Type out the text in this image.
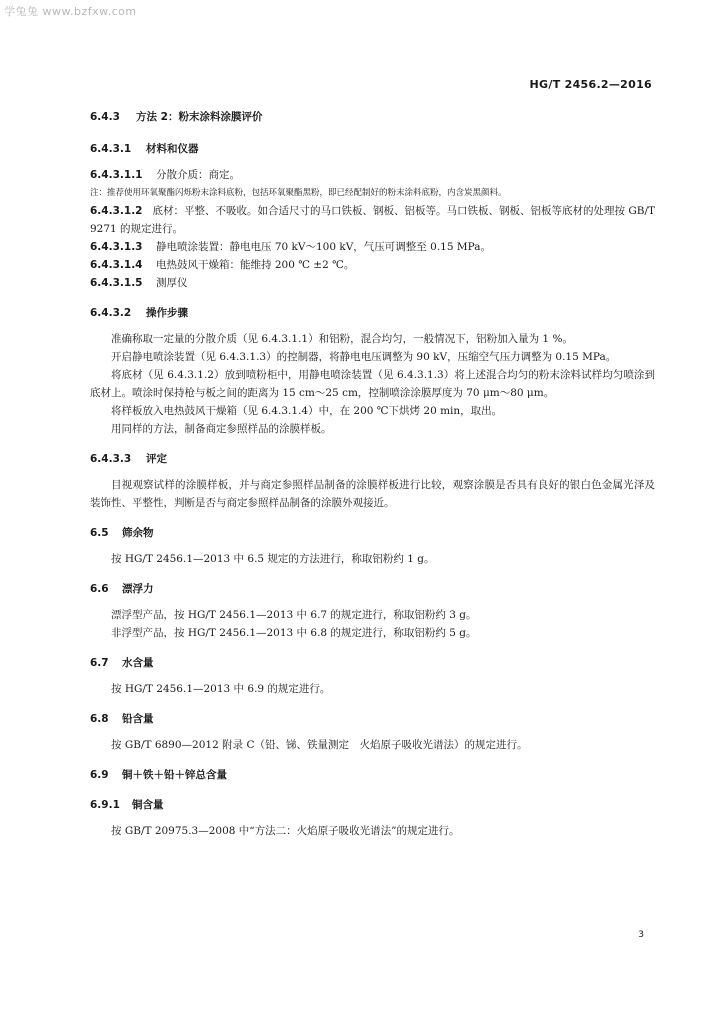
学兔兔 www.bzfxw.com
HG/T 2456.2—2016
6.4.3 方法 2：粉末涂料涂膜评价
6.4.3.1 材料和仪器
6.4.3.1.1 分散介质：商定。
注：推荐使用环氧聚酯闪烁粉末涂料底粉，包括环氧聚酯黑粉，即已经配制好的粉末涂料底粉，内含炭黑颜料。
6.4.3.1.2 底材：平整、不吸收。如合适尺寸的马口铁板、钢板、铝板等。马口铁板、钢板、铝板等底材的处理按 GB/T 9271 的规定进行。
6.4.3.1.3 静电喷涂装置：静电电压 70 kV～100 kV，气压可调整至 0.15 MPa。
6.4.3.1.4 电热鼓风干燥箱：能维持 200 ℃ ±2 ℃。
6.4.3.1.5 测厚仪
6.4.3.2 操作步骤
准确称取一定量的分散介质（见 6.4.3.1.1）和铝粉，混合均匀，一般情况下，铝粉加入量为 1 %。
开启静电喷涂装置（见 6.4.3.1.3）的控制器，将静电电压调整为 90 kV，压缩空气压力调整为 0.15 MPa。
将底材（见 6.4.3.1.2）放到喷粉柜中，用静电喷涂装置（见 6.4.3.1.3）将上述混合均匀的粉末涂料试样均匀喷涂到底材上。喷涂时保持枪与板之间的距离为 15 cm～25 cm，控制喷涂涂膜厚度为 70 μm～80 μm。
将样板放入电热鼓风干燥箱（见 6.4.3.1.4）中，在 200 ℃下烘烤 20 min，取出。
用同样的方法，制备商定参照样品的涂膜样板。
6.4.3.3 评定
目视观察试样的涂膜样板，并与商定参照样品制备的涂膜样板进行比较，观察涂膜是否具有良好的银白色金属光泽及装饰性、平整性，判断是否与商定参照样品制备的涂膜外观接近。
6.5 筛余物
按 HG/T 2456.1—2013 中 6.5 规定的方法进行，称取铝粉约 1 g。
6.6 漂浮力
漂浮型产品，按 HG/T 2456.1—2013 中 6.7 的规定进行，称取铝粉约 3 g。
非浮型产品，按 HG/T 2456.1—2013 中 6.8 的规定进行，称取铝粉约 5 g。
6.7 水含量
按 HG/T 2456.1—2013 中 6.9 的规定进行。
6.8 铅含量
按 GB/T 6890—2012 附录 C（铅、锑、铁量测定　火焰原子吸收光谱法）的规定进行。
6.9 铜＋铁＋铅＋锌总含量
6.9.1 铜含量
按 GB/T 20975.3—2008 中“方法二：火焰原子吸收光谱法”的规定进行。
3
